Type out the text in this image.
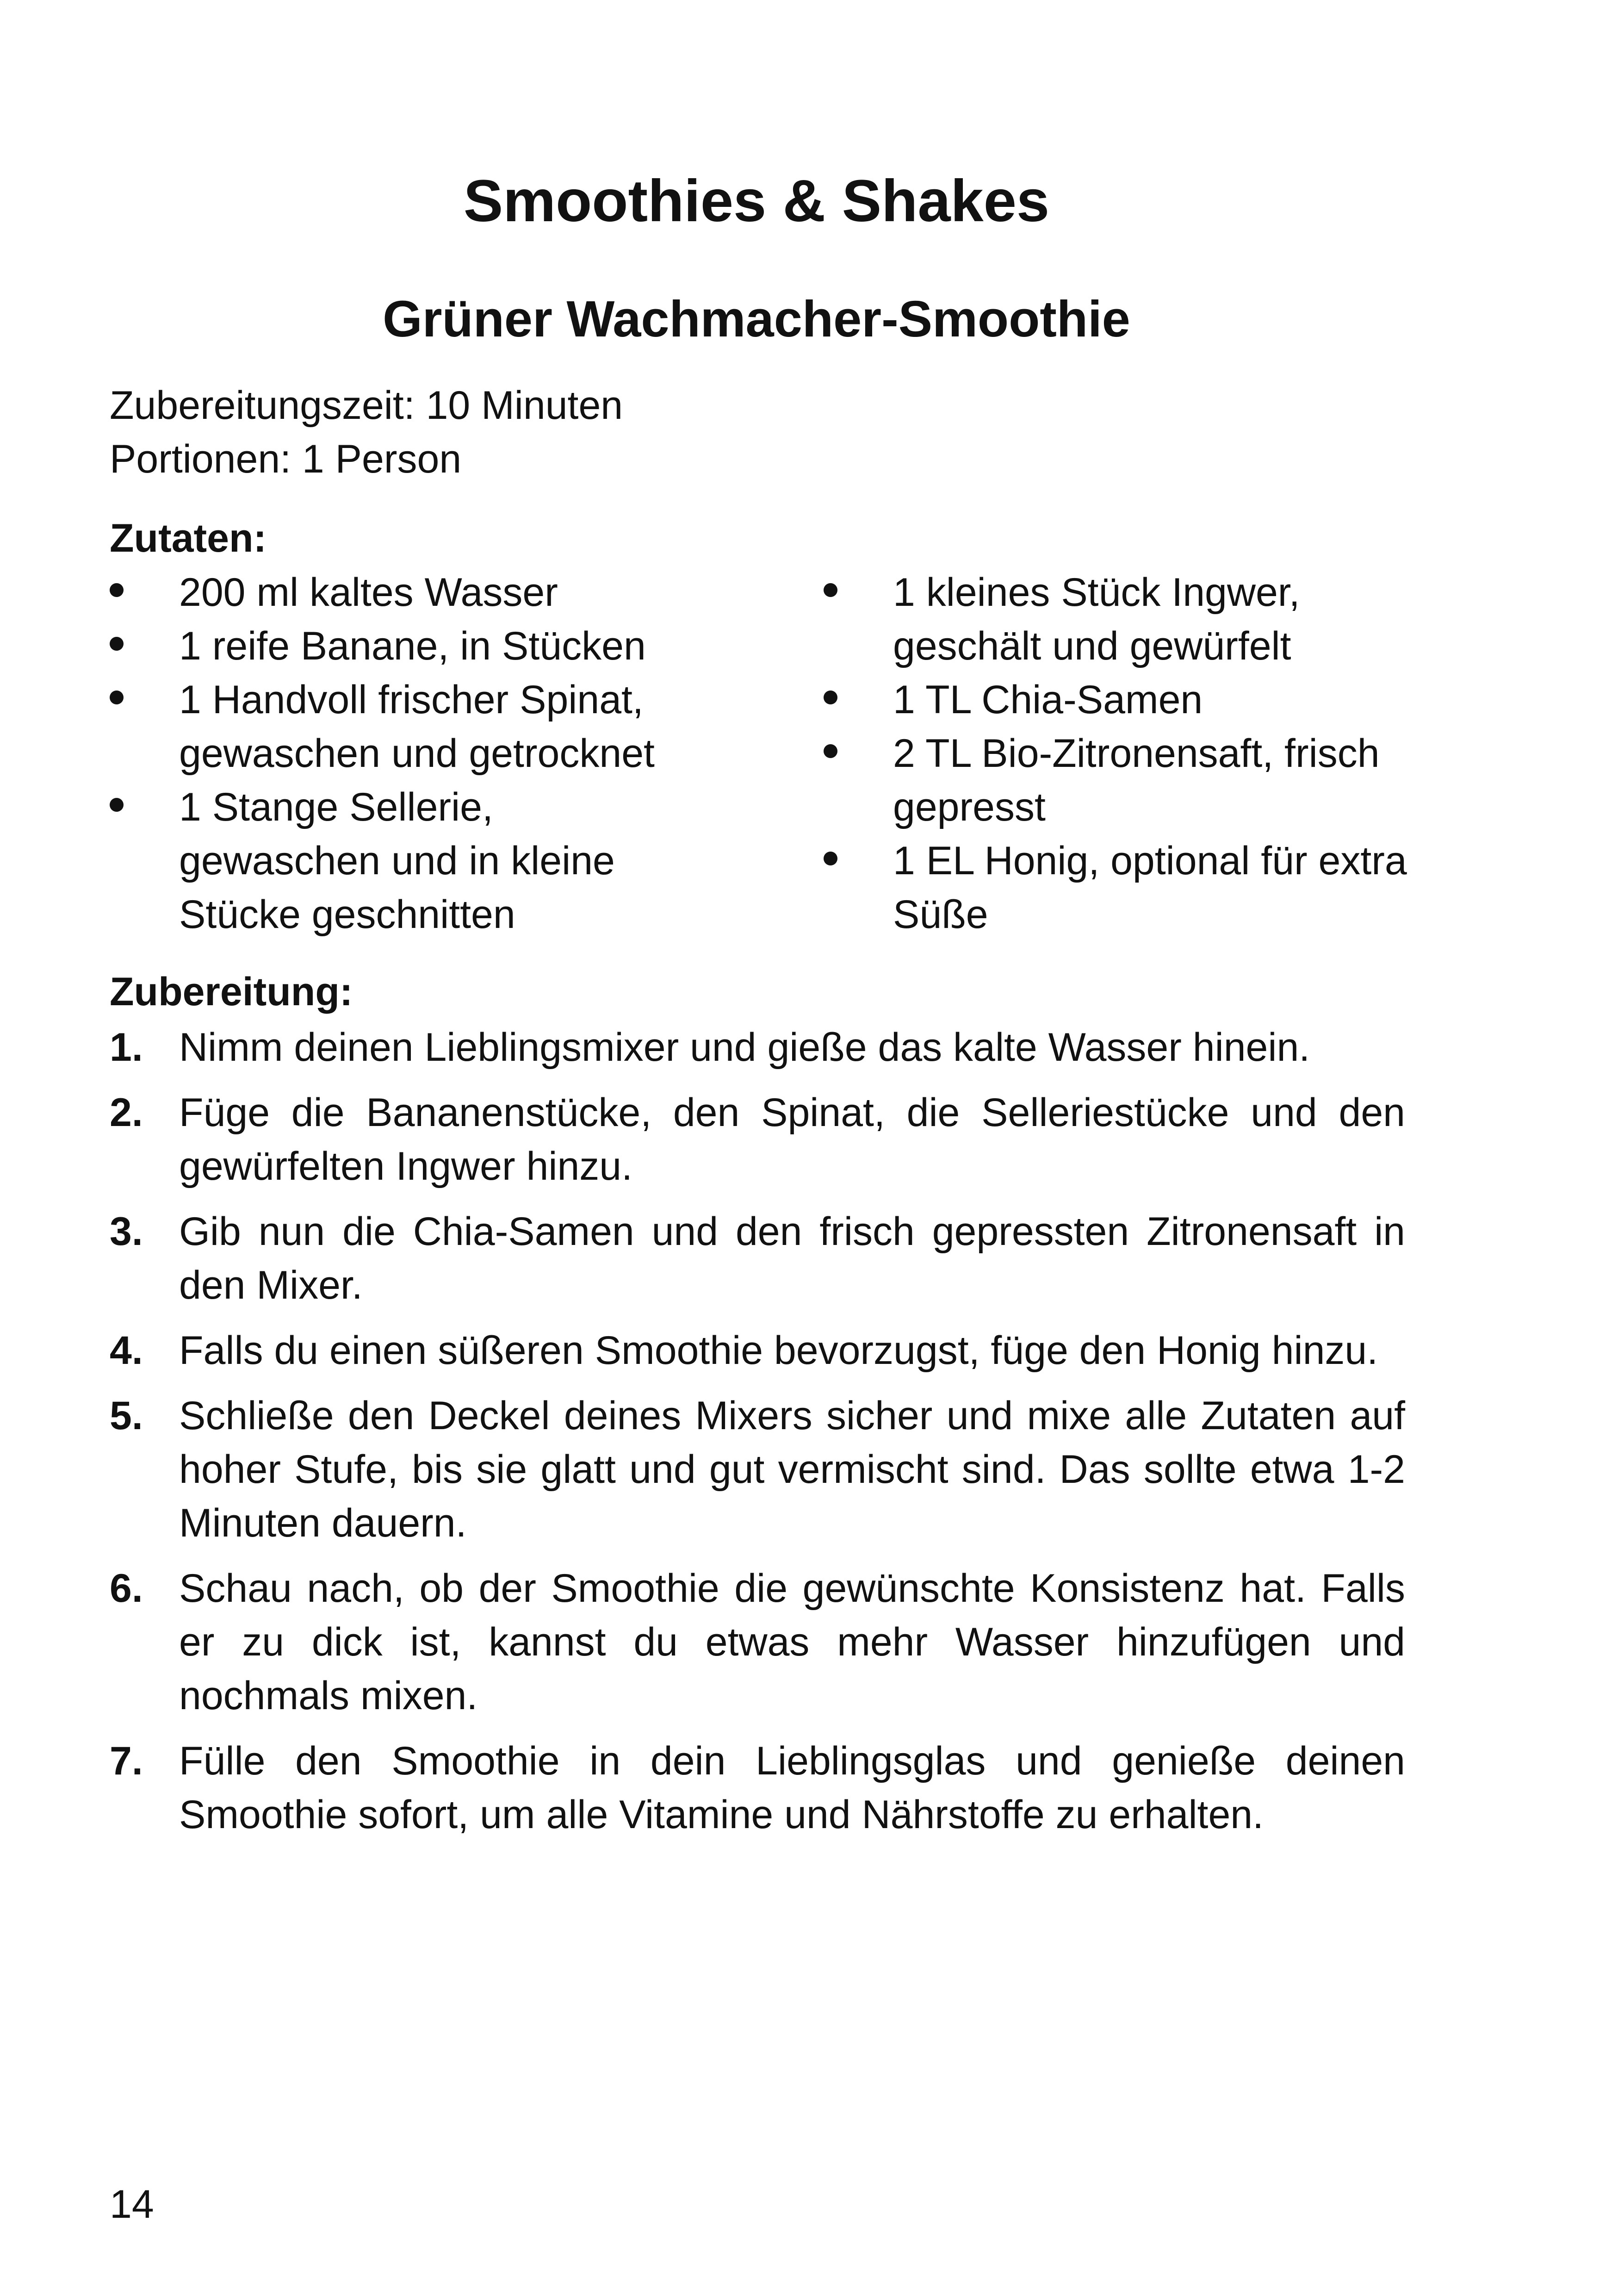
Smoothies & Shakes
Grüner Wachmacher-Smoothie
Zubereitungszeit: 10 Minuten
Portionen: 1 Person
Zutaten:
200 ml kaltes Wasser
1 reife Banane, in Stücken
1 Handvoll frischer Spinat, gewaschen und getrocknet
1 Stange Sellerie, gewaschen und in kleine Stücke geschnitten
1 kleines Stück Ingwer, geschält und gewürfelt
1 TL Chia-Samen
2 TL Bio-Zitronensaft, frisch gepresst
1 EL Honig, optional für extra Süße
Zubereitung:
1. Nimm deinen Lieblingsmixer und gieße das kalte Wasser hinein.
2. Füge die Bananenstücke, den Spinat, die Selleriestücke und den gewürfelten Ingwer hinzu.
3. Gib nun die Chia-Samen und den frisch gepressten Zitronensaft in den Mixer.
4. Falls du einen süßeren Smoothie bevorzugst, füge den Honig hinzu.
5. Schließe den Deckel deines Mixers sicher und mixe alle Zutaten auf hoher Stufe, bis sie glatt und gut vermischt sind. Das sollte etwa 1-2 Minuten dauern.
6. Schau nach, ob der Smoothie die gewünschte Konsistenz hat. Falls er zu dick ist, kannst du etwas mehr Wasser hinzufügen und nochmals mixen.
7. Fülle den Smoothie in dein Lieblingsglas und genieße deinen Smoothie sofort, um alle Vitamine und Nährstoffe zu erhalten.
14
